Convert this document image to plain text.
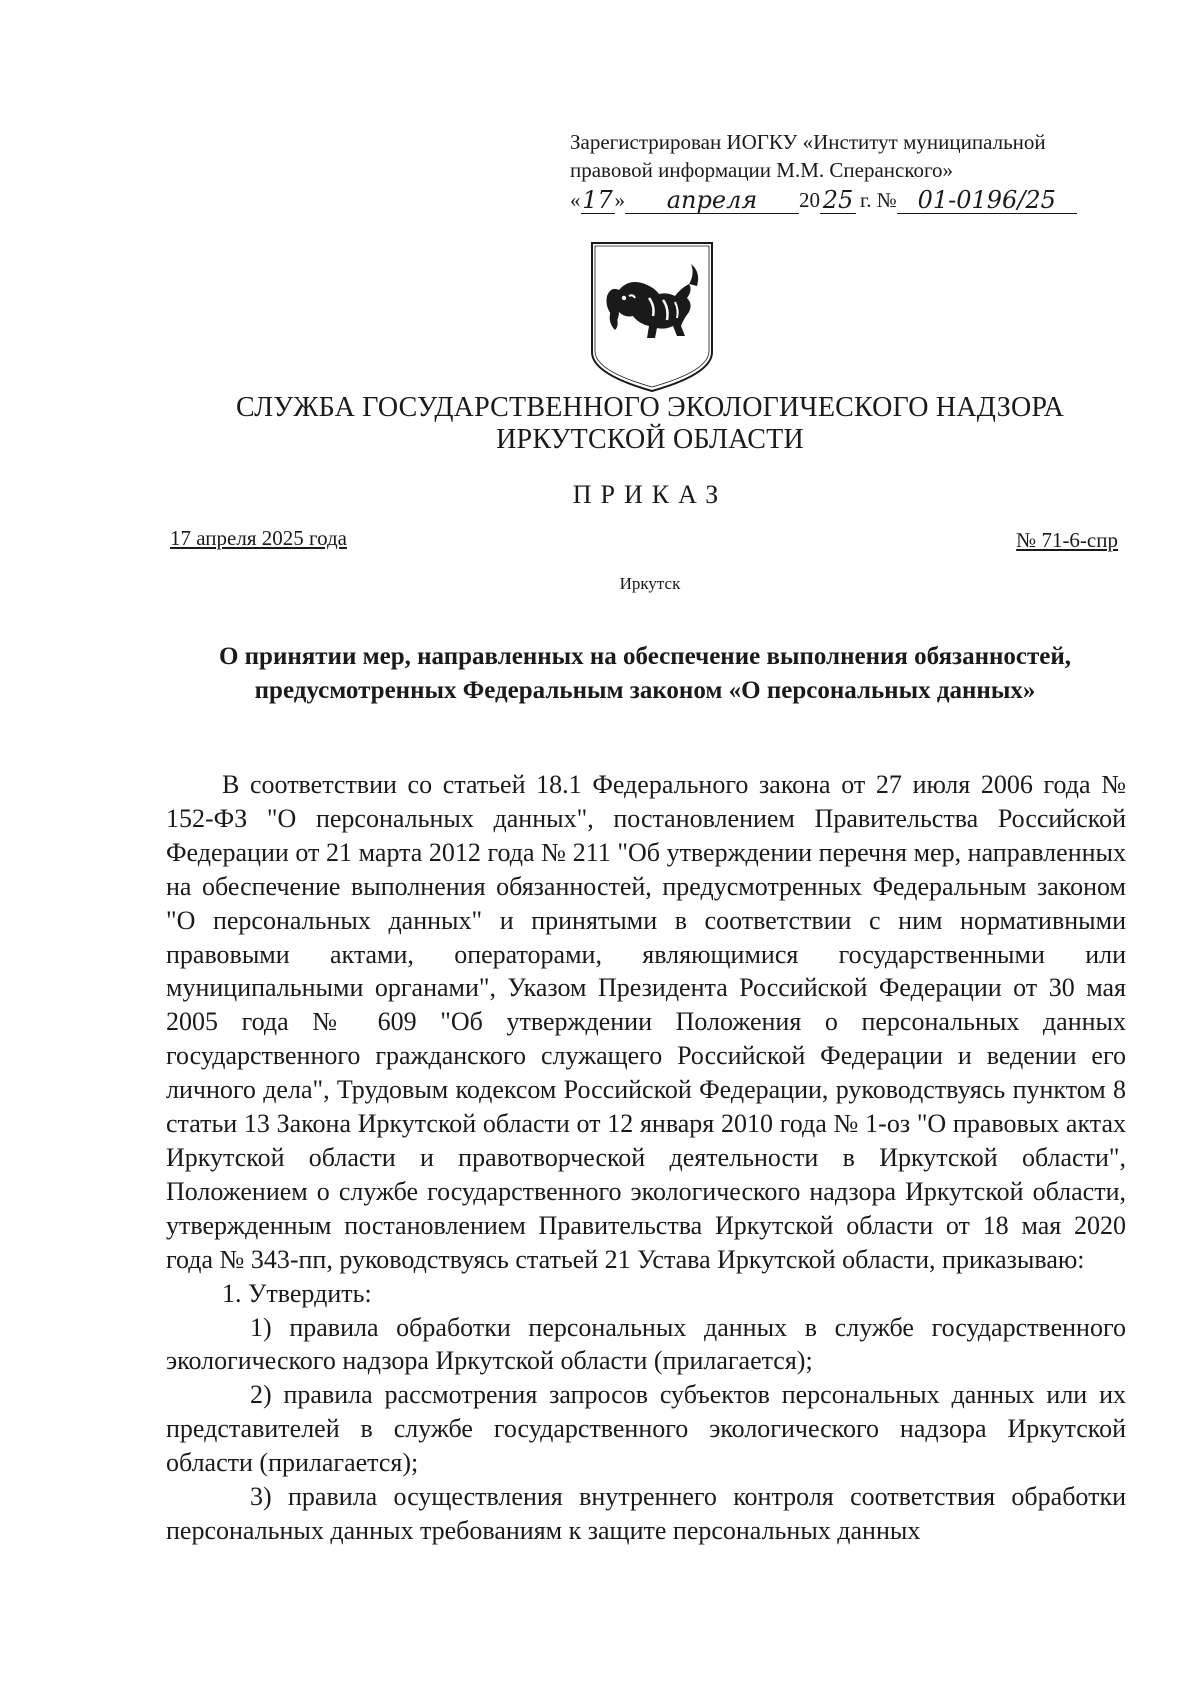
Зарегистрирован ИОГКУ «Институт муниципальной
правовой информации М.М. Сперанского»
« 17 »	апреля	20 25 г. № 01-0196/25
СЛУЖБА ГОСУДАРСТВЕННОГО ЭКОЛОГИЧЕСКОГО НАДЗОРА
ИРКУТСКОЙ ОБЛАСТИ
ПРИКАЗ
17 апреля 2025 года	№ 71-6-спр
Иркутск
О принятии мер, направленных на обеспечение выполнения обязанностей, предусмотренных Федеральным законом «О персональных данных»

В соответствии со статьей 18.1 Федерального закона от 27 июля 2006 года № 152-ФЗ "О персональных данных", постановлением Правительства Российской Федерации от 21 марта 2012 года № 211 "Об утверждении перечня мер, направленных на обеспечение выполнения обязанностей, предусмотренных Федеральным законом "О персональных данных" и принятыми в соответствии с ним нормативными правовыми актами, операторами, являющимися государственными или муниципальными органами", Указом Президента Российской Федерации от 30 мая 2005 года № 609 "Об утверждении Положения о персональных данных государственного гражданского служащего Российской Федерации и ведении его личного дела", Трудовым кодексом Российской Федерации, руководствуясь пунктом 8 статьи 13 Закона Иркутской области от 12 января 2010 года № 1-оз "О правовых актах Иркутской области и правотворческой деятельности в Иркутской области", Положением о службе государственного экологического надзора Иркутской области, утвержденным постановлением Правительства Иркутской области от 18 мая 2020 года № 343-пп, руководствуясь статьей 21 Устава Иркутской области, приказываю:

1. Утвердить:

1) правила обработки персональных данных в службе государственного экологического надзора Иркутской области (прилагается);

2) правила рассмотрения запросов субъектов персональных данных или их представителей в службе государственного экологического надзора Иркутской области (прилагается);

3) правила осуществления внутреннего контроля соответствия обработки персональных данных требованиям к защите персональных данных
